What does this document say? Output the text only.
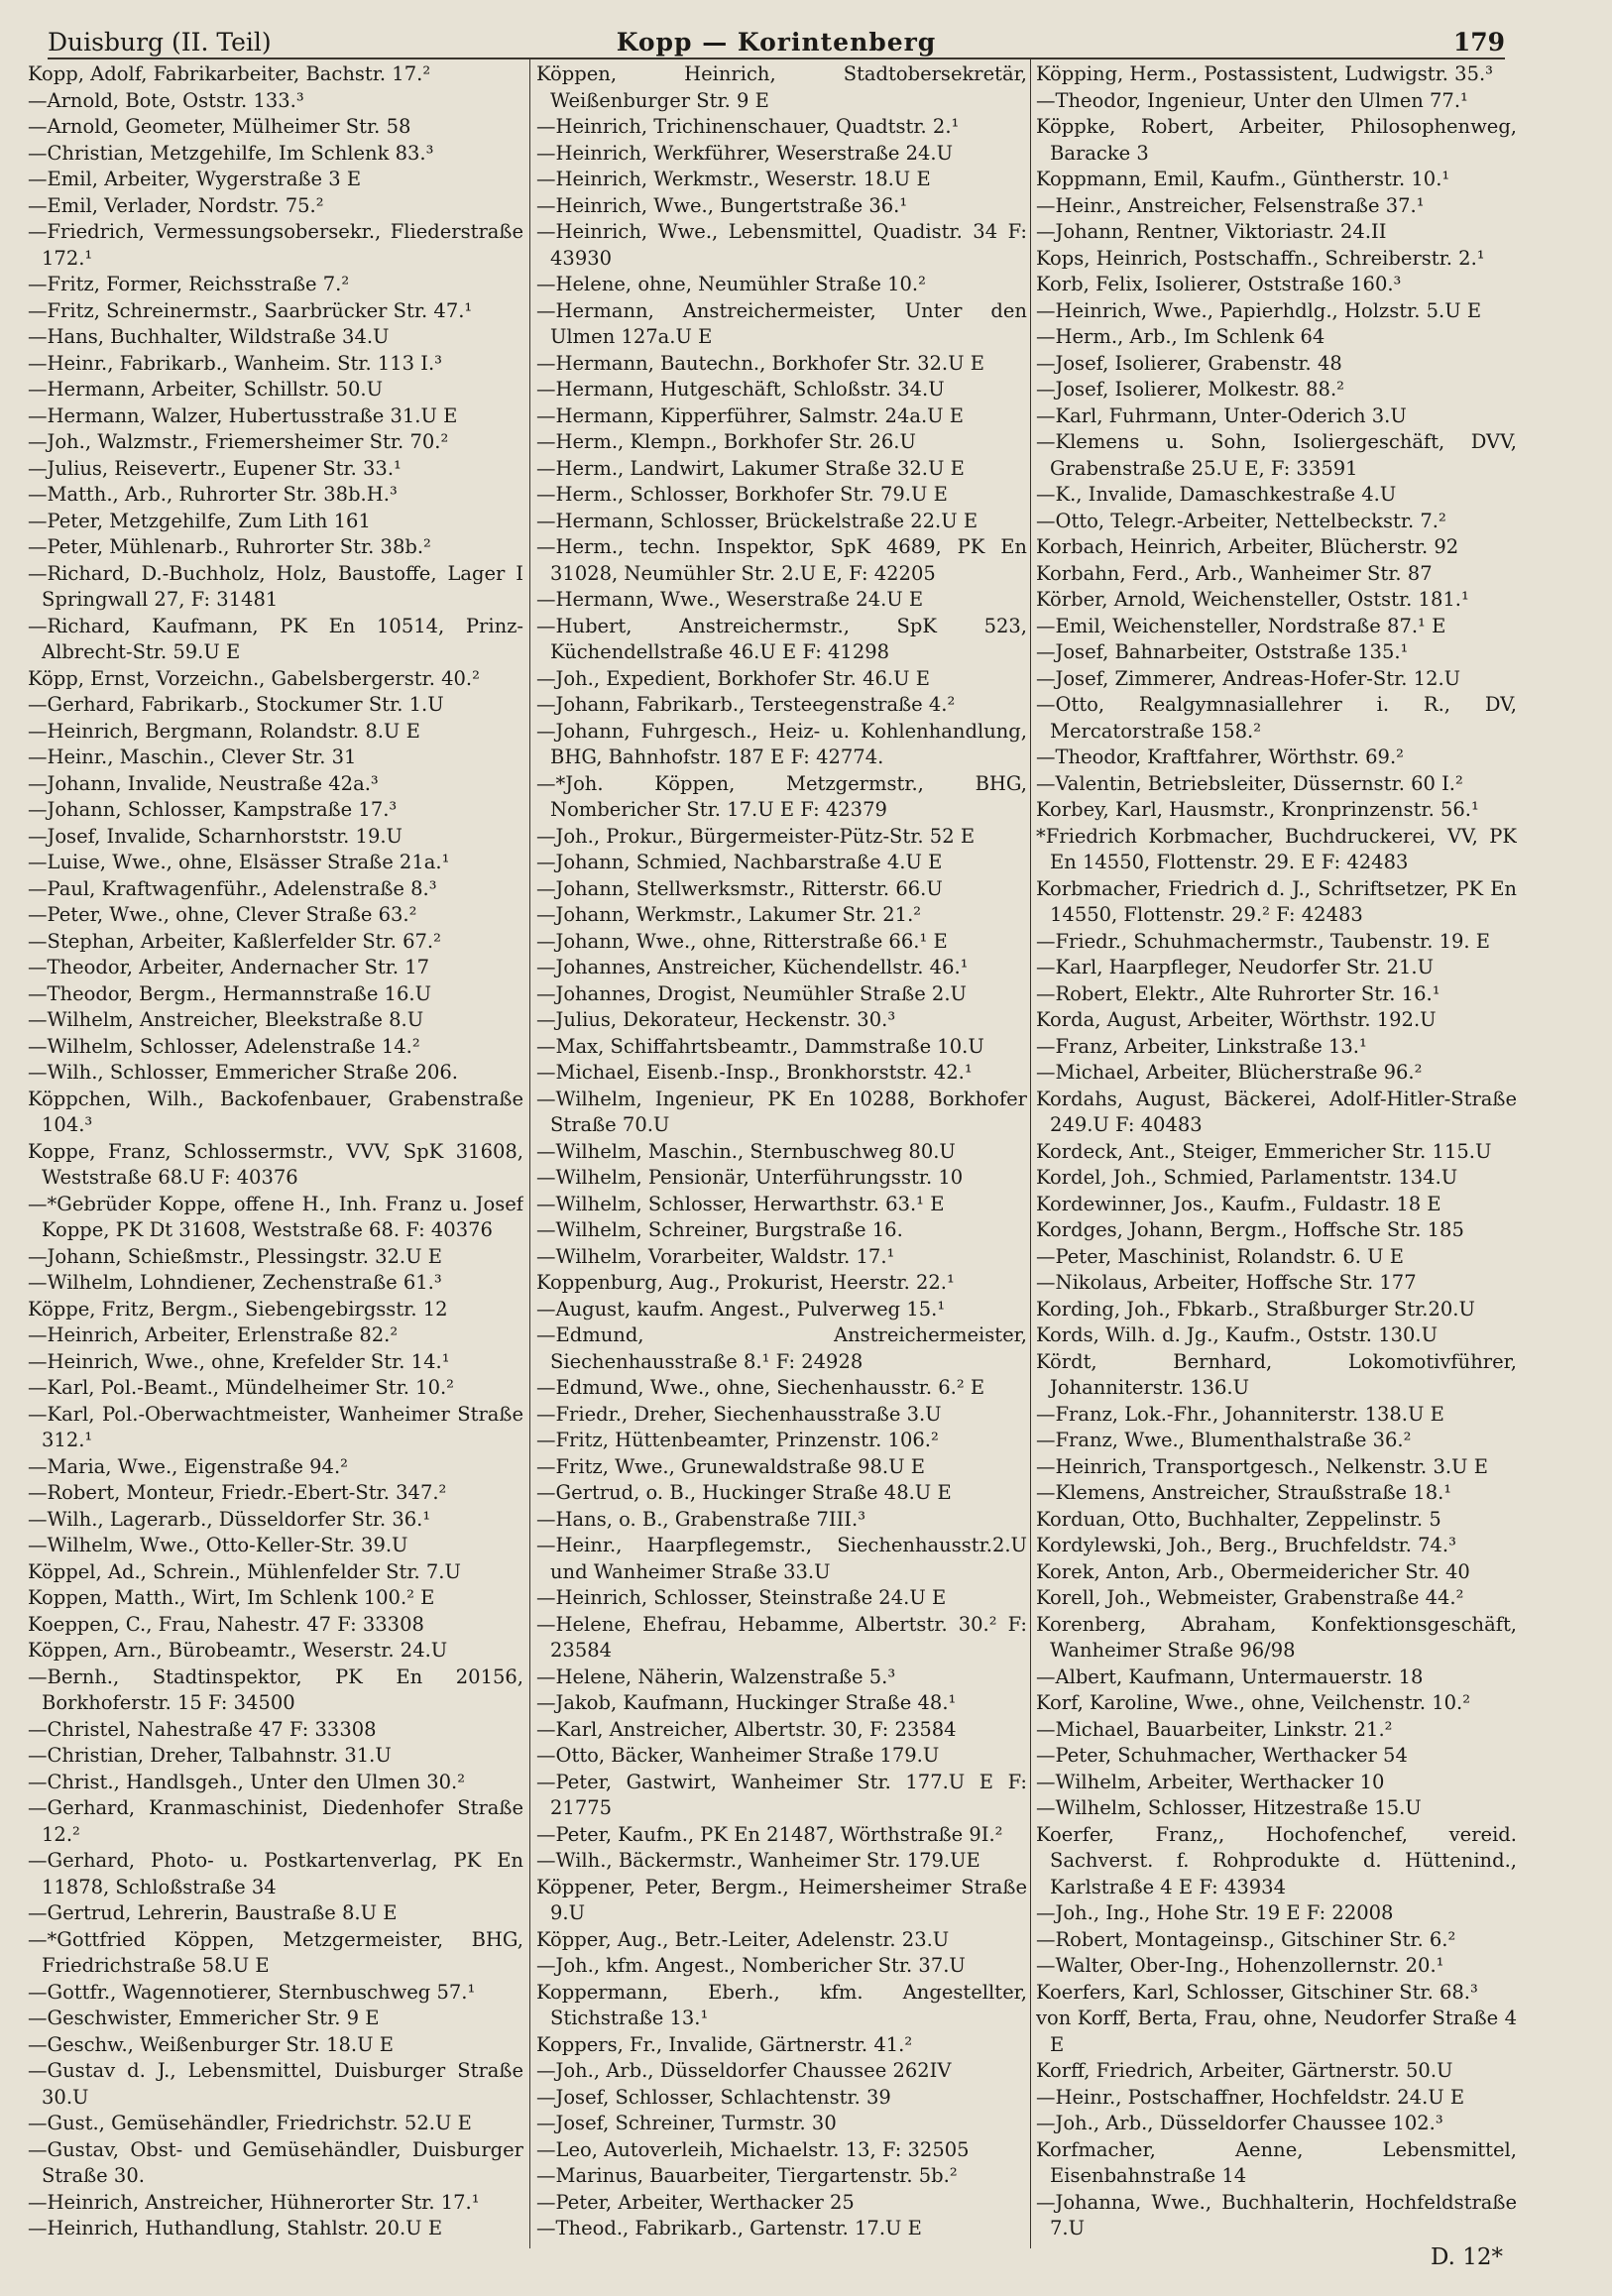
Duisburg (II. Teil)	Kopp — Korintenberg	179
Kopp, Adolf, Fabrikarbeiter, Bachstr. 17.²
—Arnold, Bote, Oststr. 133.³
—Arnold, Geometer, Mülheimer Str. 58
—Christian, Metzgehilfe, Im Schlenk 83.³
—Emil, Arbeiter, Wygerstraße 3 E
—Emil, Verlader, Nordstr. 75.²
—Friedrich, Vermessungsobersekr., Fliederstraße 172.¹
—Fritz, Former, Reichsstraße 7.²
—Fritz, Schreinermstr., Saarbrücker Str. 47.¹
—Hans, Buchhalter, Wildstraße 34.U
—Heinr., Fabrikarb., Wanheim. Str. 113 I.³
—Hermann, Arbeiter, Schillstr. 50.U
—Hermann, Walzer, Hubertusstraße 31.U E
—Joh., Walzmstr., Friemersheimer Str. 70.²
—Julius, Reisevertr., Eupener Str. 33.¹
—Matth., Arb., Ruhrorter Str. 38b.H.³
—Peter, Metzgehilfe, Zum Lith 161
—Peter, Mühlenarb., Ruhrorter Str. 38b.²
—Richard, D.-Buchholz, Holz, Baustoffe, Lager I Springwall 27, F: 31481
—Richard, Kaufmann, PK En 10514, Prinz-Albrecht-Str. 59.U E
Köpp, Ernst, Vorzeichn., Gabelsbergerstr. 40.²
—Gerhard, Fabrikarb., Stockumer Str. 1.U
—Heinrich, Bergmann, Rolandstr. 8.U E
—Heinr., Maschin., Clever Str. 31
—Johann, Invalide, Neustraße 42a.³
—Johann, Schlosser, Kampstraße 17.³
—Josef, Invalide, Scharnhorststr. 19.U
—Luise, Wwe., ohne, Elsässer Straße 21a.¹
—Paul, Kraftwagenführ., Adelenstraße 8.³
—Peter, Wwe., ohne, Clever Straße 63.²
—Stephan, Arbeiter, Kaßlerfelder Str. 67.²
—Theodor, Arbeiter, Andernacher Str. 17
—Theodor, Bergm., Hermannstraße 16.U
—Wilhelm, Anstreicher, Bleekstraße 8.U
—Wilhelm, Schlosser, Adelenstraße 14.²
—Wilh., Schlosser, Emmericher Straße 206.
Köppchen, Wilh., Backofenbauer, Grabenstraße 104.³
Koppe, Franz, Schlossermstr., VVV, SpK 31608, Weststraße 68.U F: 40376
—*Gebrüder Koppe, offene H., Inh. Franz u. Josef Koppe, PK Dt 31608, Weststraße 68. F: 40376
—Johann, Schießmstr., Plessingstr. 32.U E
—Wilhelm, Lohndiener, Zechenstraße 61.³
Köppe, Fritz, Bergm., Siebengebirgsstr. 12
—Heinrich, Arbeiter, Erlenstraße 82.²
—Heinrich, Wwe., ohne, Krefelder Str. 14.¹
—Karl, Pol.-Beamt., Mündelheimer Str. 10.²
—Karl, Pol.-Oberwachtmeister, Wanheimer Straße 312.¹
—Maria, Wwe., Eigenstraße 94.²
—Robert, Monteur, Friedr.-Ebert-Str. 347.²
—Wilh., Lagerarb., Düsseldorfer Str. 36.¹
—Wilhelm, Wwe., Otto-Keller-Str. 39.U
Köppel, Ad., Schrein., Mühlenfelder Str. 7.U
Koppen, Matth., Wirt, Im Schlenk 100.² E
Koeppen, C., Frau, Nahestr. 47 F: 33308
Köppen, Arn., Bürobeamtr., Weserstr. 24.U
—Bernh., Stadtinspektor, PK En 20156, Borkhoferstr. 15 F: 34500
—Christel, Nahestraße 47 F: 33308
—Christian, Dreher, Talbahnstr. 31.U
—Christ., Handlsgeh., Unter den Ulmen 30.²
—Gerhard, Kranmaschinist, Diedenhofer Straße 12.²
—Gerhard, Photo- u. Postkartenverlag, PK En 11878, Schloßstraße 34
—Gertrud, Lehrerin, Baustraße 8.U E
—*Gottfried Köppen, Metzgermeister, BHG, Friedrichstraße 58.U E
—Gottfr., Wagennotierer, Sternbuschweg 57.¹
—Geschwister, Emmericher Str. 9 E
—Geschw., Weißenburger Str. 18.U E
—Gustav d. J., Lebensmittel, Duisburger Straße 30.U
—Gust., Gemüsehändler, Friedrichstr. 52.U E
—Gustav, Obst- und Gemüsehändler, Duisburger Straße 30.
—Heinrich, Anstreicher, Hühnerorter Str. 17.¹
—Heinrich, Huthandlung, Stahlstr. 20.U E
Köppen, Heinrich, Stadtobersekretär, Weißenburger Str. 9 E
—Heinrich, Trichinenschauer, Quadtstr. 2.¹
—Heinrich, Werkführer, Weserstraße 24.U
—Heinrich, Werkmstr., Weserstr. 18.U E
—Heinrich, Wwe., Bungertstraße 36.¹
—Heinrich, Wwe., Lebensmittel, Quadistr. 34 F: 43930
—Helene, ohne, Neumühler Straße 10.²
—Hermann, Anstreichermeister, Unter den Ulmen 127a.U E
—Hermann, Bautechn., Borkhofer Str. 32.U E
—Hermann, Hutgeschäft, Schloßstr. 34.U
—Hermann, Kipperführer, Salmstr. 24a.U E
—Herm., Klempn., Borkhofer Str. 26.U
—Herm., Landwirt, Lakumer Straße 32.U E
—Herm., Schlosser, Borkhofer Str. 79.U E
—Hermann, Schlosser, Brückelstraße 22.U E
—Herm., techn. Inspektor, SpK 4689, PK En 31028, Neumühler Str. 2.U E, F: 42205
—Hermann, Wwe., Weserstraße 24.U E
—Hubert, Anstreichermstr., SpK 523, Küchendellstraße 46.U E F: 41298
—Joh., Expedient, Borkhofer Str. 46.U E
—Johann, Fabrikarb., Tersteegenstraße 4.²
—Johann, Fuhrgesch., Heiz- u. Kohlenhandlung, BHG, Bahnhofstr. 187 E F: 42774.
—*Joh. Köppen, Metzgermstr., BHG, Nombericher Str. 17.U E F: 42379
—Joh., Prokur., Bürgermeister-Pütz-Str. 52 E
—Johann, Schmied, Nachbarstraße 4.U E
—Johann, Stellwerksmstr., Ritterstr. 66.U
—Johann, Werkmstr., Lakumer Str. 21.²
—Johann, Wwe., ohne, Ritterstraße 66.¹ E
—Johannes, Anstreicher, Küchendellstr. 46.¹
—Johannes, Drogist, Neumühler Straße 2.U
—Julius, Dekorateur, Heckenstr. 30.³
—Max, Schiffahrtsbeamtr., Dammstraße 10.U
—Michael, Eisenb.-Insp., Bronkhorststr. 42.¹
—Wilhelm, Ingenieur, PK En 10288, Borkhofer Straße 70.U
—Wilhelm, Maschin., Sternbuschweg 80.U
—Wilhelm, Pensionär, Unterführungsstr. 10
—Wilhelm, Schlosser, Herwarthstr. 63.¹ E
—Wilhelm, Schreiner, Burgstraße 16.
—Wilhelm, Vorarbeiter, Waldstr. 17.¹
Koppenburg, Aug., Prokurist, Heerstr. 22.¹
—August, kaufm. Angest., Pulverweg 15.¹
—Edmund, Anstreichermeister, Siechenhausstraße 8.¹ F: 24928
—Edmund, Wwe., ohne, Siechenhausstr. 6.² E
—Friedr., Dreher, Siechenhausstraße 3.U
—Fritz, Hüttenbeamter, Prinzenstr. 106.²
—Fritz, Wwe., Grunewaldstraße 98.U E
—Gertrud, o. B., Huckinger Straße 48.U E
—Hans, o. B., Grabenstraße 7III.³
—Heinr., Haarpflegemstr., Siechenhausstr.2.U und Wanheimer Straße 33.U
—Heinrich, Schlosser, Steinstraße 24.U E
—Helene, Ehefrau, Hebamme, Albertstr. 30.² F: 23584
—Helene, Näherin, Walzenstraße 5.³
—Jakob, Kaufmann, Huckinger Straße 48.¹
—Karl, Anstreicher, Albertstr. 30, F: 23584
—Otto, Bäcker, Wanheimer Straße 179.U
—Peter, Gastwirt, Wanheimer Str. 177.U E F: 21775
—Peter, Kaufm., PK En 21487, Wörthstraße 9I.²
—Wilh., Bäckermstr., Wanheimer Str. 179.UE
Köppener, Peter, Bergm., Heimersheimer Straße 9.U
Köpper, Aug., Betr.-Leiter, Adelenstr. 23.U
—Joh., kfm. Angest., Nombericher Str. 37.U
Koppermann, Eberh., kfm. Angestellter, Stichstraße 13.¹
Koppers, Fr., Invalide, Gärtnerstr. 41.²
—Joh., Arb., Düsseldorfer Chaussee 262IV
—Josef, Schlosser, Schlachtenstr. 39
—Josef, Schreiner, Turmstr. 30
—Leo, Autoverleih, Michaelstr. 13, F: 32505
—Marinus, Bauarbeiter, Tiergartenstr. 5b.²
—Peter, Arbeiter, Werthacker 25
—Theod., Fabrikarb., Gartenstr. 17.U E
Köpping, Herm., Postassistent, Ludwigstr. 35.³
—Theodor, Ingenieur, Unter den Ulmen 77.¹
Köppke, Robert, Arbeiter, Philosophenweg, Baracke 3
Koppmann, Emil, Kaufm., Güntherstr. 10.¹
—Heinr., Anstreicher, Felsenstraße 37.¹
—Johann, Rentner, Viktoriastr. 24.II
Kops, Heinrich, Postschaffn., Schreiberstr. 2.¹
Korb, Felix, Isolierer, Oststraße 160.³
—Heinrich, Wwe., Papierhdlg., Holzstr. 5.U E
—Herm., Arb., Im Schlenk 64
—Josef, Isolierer, Grabenstr. 48
—Josef, Isolierer, Molkestr. 88.²
—Karl, Fuhrmann, Unter-Oderich 3.U
—Klemens u. Sohn, Isoliergeschäft, DVV, Grabenstraße 25.U E, F: 33591
—K., Invalide, Damaschkestraße 4.U
—Otto, Telegr.-Arbeiter, Nettelbeckstr. 7.²
Korbach, Heinrich, Arbeiter, Blücherstr. 92
Korbahn, Ferd., Arb., Wanheimer Str. 87
Körber, Arnold, Weichensteller, Oststr. 181.¹
—Emil, Weichensteller, Nordstraße 87.¹ E
—Josef, Bahnarbeiter, Oststraße 135.¹
—Josef, Zimmerer, Andreas-Hofer-Str. 12.U
—Otto, Realgymnasiallehrer i. R., DV, Mercatorstraße 158.²
—Theodor, Kraftfahrer, Wörthstr. 69.²
—Valentin, Betriebsleiter, Düssernstr. 60 I.²
Korbey, Karl, Hausmstr., Kronprinzenstr. 56.¹
*Friedrich Korbmacher, Buchdruckerei, VV, PK En 14550, Flottenstr. 29. E F: 42483
Korbmacher, Friedrich d. J., Schriftsetzer, PK En 14550, Flottenstr. 29.² F: 42483
—Friedr., Schuhmachermstr., Taubenstr. 19. E
—Karl, Haarpfleger, Neudorfer Str. 21.U
—Robert, Elektr., Alte Ruhrorter Str. 16.¹
Korda, August, Arbeiter, Wörthstr. 192.U
—Franz, Arbeiter, Linkstraße 13.¹
—Michael, Arbeiter, Blücherstraße 96.²
Kordahs, August, Bäckerei, Adolf-Hitler-Straße 249.U F: 40483
Kordeck, Ant., Steiger, Emmericher Str. 115.U
Kordel, Joh., Schmied, Parlamentstr. 134.U
Kordewinner, Jos., Kaufm., Fuldastr. 18 E
Kordges, Johann, Bergm., Hoffsche Str. 185
—Peter, Maschinist, Rolandstr. 6. U E
—Nikolaus, Arbeiter, Hoffsche Str. 177
Kording, Joh., Fbkarb., Straßburger Str.20.U
Kords, Wilh. d. Jg., Kaufm., Oststr. 130.U
Kördt, Bernhard, Lokomotivführer, Johanniterstr. 136.U
—Franz, Lok.-Fhr., Johanniterstr. 138.U E
—Franz, Wwe., Blumenthalstraße 36.²
—Heinrich, Transportgesch., Nelkenstr. 3.U E
—Klemens, Anstreicher, Straußstraße 18.¹
Korduan, Otto, Buchhalter, Zeppelinstr. 5
Kordylewski, Joh., Berg., Bruchfeldstr. 74.³
Korek, Anton, Arb., Obermeidericher Str. 40
Korell, Joh., Webmeister, Grabenstraße 44.²
Korenberg, Abraham, Konfektionsgeschäft, Wanheimer Straße 96/98
—Albert, Kaufmann, Untermauerstr. 18
Korf, Karoline, Wwe., ohne, Veilchenstr. 10.²
—Michael, Bauarbeiter, Linkstr. 21.²
—Peter, Schuhmacher, Werthacker 54
—Wilhelm, Arbeiter, Werthacker 10
—Wilhelm, Schlosser, Hitzestraße 15.U
Koerfer, Franz,, Hochofenchef, vereid. Sachverst. f. Rohprodukte d. Hüttenind., Karlstraße 4 E F: 43934
—Joh., Ing., Hohe Str. 19 E F: 22008
—Robert, Montageinsp., Gitschiner Str. 6.²
—Walter, Ober-Ing., Hohenzollernstr. 20.¹
Koerfers, Karl, Schlosser, Gitschiner Str. 68.³
von Korff, Berta, Frau, ohne, Neudorfer Straße 4 E
Korff, Friedrich, Arbeiter, Gärtnerstr. 50.U
—Heinr., Postschaffner, Hochfeldstr. 24.U E
—Joh., Arb., Düsseldorfer Chaussee 102.³
Korfmacher, Aenne, Lebensmittel, Eisenbahnstraße 14
—Johanna, Wwe., Buchhalterin, Hochfeldstraße 7.U
D. 12*
